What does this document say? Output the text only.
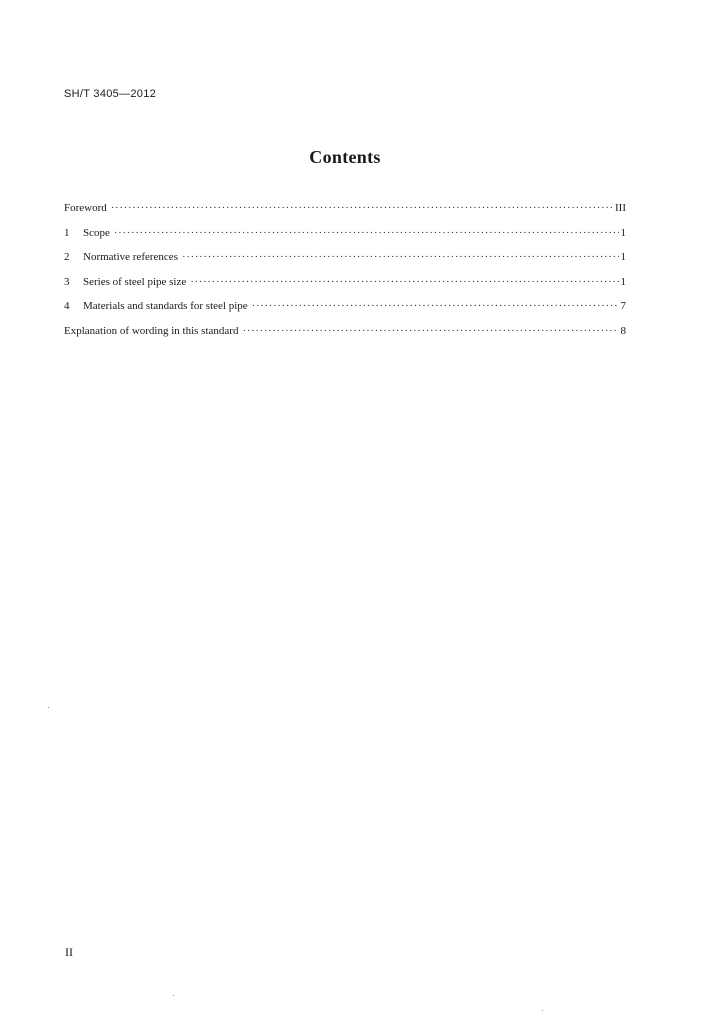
SH/T 3405—2012
Contents
Foreword ·····	III
1	Scope ·····	1
2	Normative references ·····	1
3	Series of steel pipe size ·····	1
4	Materials and standards for steel pipe ·····	7
Explanation of wording in this standard ·····	8
II
